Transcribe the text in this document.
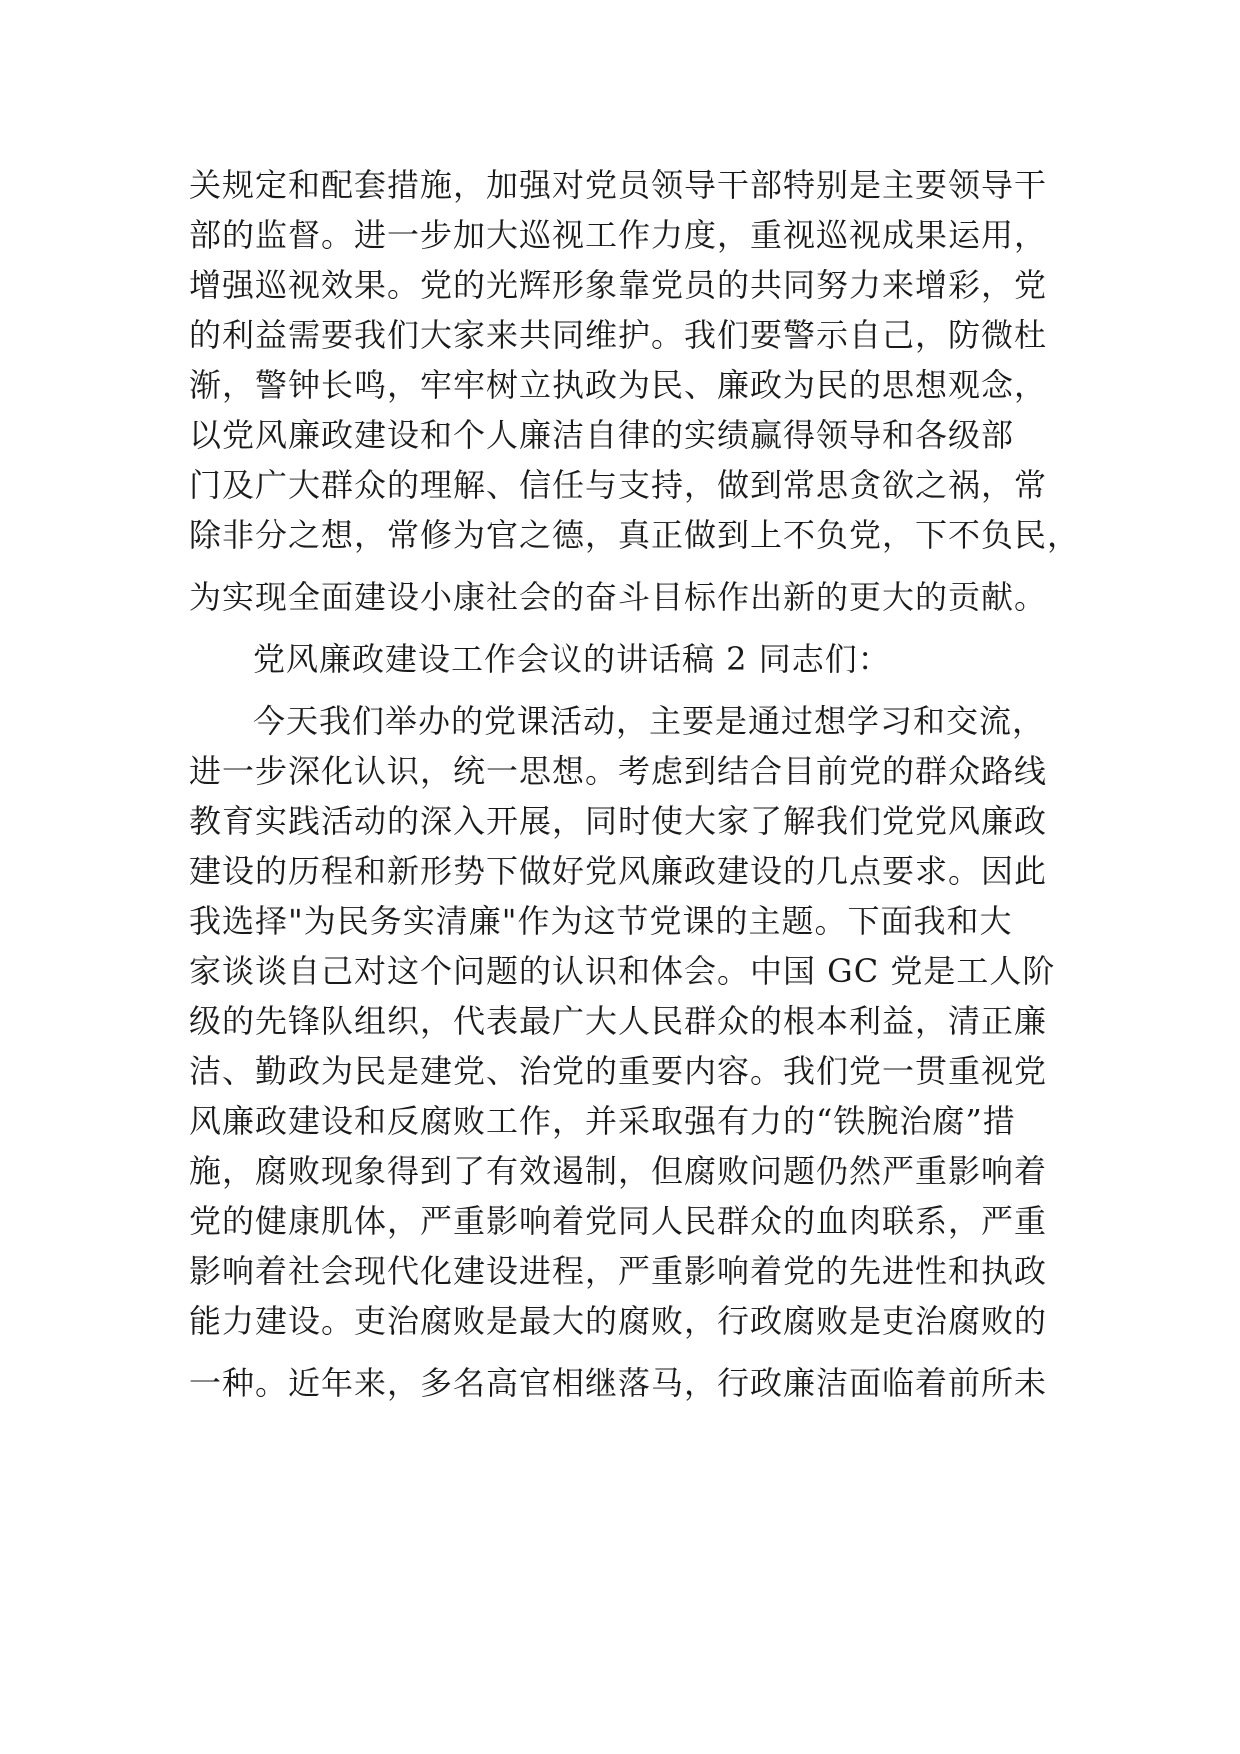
关规定和配套措施，加强对党员领导干部特别是主要领导干
部的监督。进一步加大巡视工作力度，重视巡视成果运用，
增强巡视效果。党的光辉形象靠党员的共同努力来增彩，党
的利益需要我们大家来共同维护。我们要警示自己，防微杜
渐，警钟长鸣，牢牢树立执政为民、廉政为民的思想观念，
以党风廉政建设和个人廉洁自律的实绩赢得领导和各级部
门及广大群众的理解、信任与支持，做到常思贪欲之祸，常
除非分之想，常修为官之德，真正做到上不负党，下不负民，
为实现全面建设小康社会的奋斗目标作出新的更大的贡献。
党风廉政建设工作会议的讲话稿 2 同志们：
今天我们举办的党课活动，主要是通过想学习和交流，
进一步深化认识，统一思想。考虑到结合目前党的群众路线
教育实践活动的深入开展，同时使大家了解我们党党风廉政
建设的历程和新形势下做好党风廉政建设的几点要求。因此
我选择"为民务实清廉"作为这节党课的主题。下面我和大
家谈谈自己对这个问题的认识和体会。中国 GC 党是工人阶
级的先锋队组织，代表最广大人民群众的根本利益，清正廉
洁、勤政为民是建党、治党的重要内容。我们党一贯重视党
风廉政建设和反腐败工作，并采取强有力的“铁腕治腐”措
施，腐败现象得到了有效遏制，但腐败问题仍然严重影响着
党的健康肌体，严重影响着党同人民群众的血肉联系，严重
影响着社会现代化建设进程，严重影响着党的先进性和执政
能力建设。吏治腐败是最大的腐败，行政腐败是吏治腐败的
一种。近年来，多名高官相继落马，行政廉洁面临着前所未
